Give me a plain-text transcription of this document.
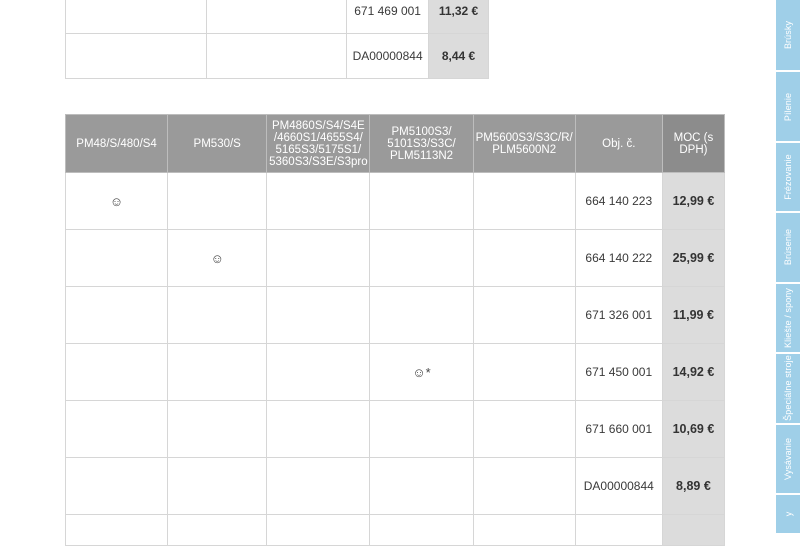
		671 469 001	11,32 €
		DA00000844	8,44 €
PM48/S/480/S4	PM530/S	PM4860S/S4/S4E /4660S1/4655S4/ 5165S3/5175S1/ 5360S3/S3E/S3pro	PM5100S3/ 5101S3/S3C/ PLM5113N2	PM5600S3/S3C/R/ PLM5600N2	Obj. č.	MOC (s DPH)
☺					664 140 223	12,99 €
	☺				664 140 222	25,99 €
					671 326 001	11,99 €
			☺*		671 450 001	14,92 €
					671 660 001	10,69 €
					DA00000844	8,89 €

Brúsky
Pílenie
Frézovanie
Brúsenie
Kliešte / spony
Špeciálne stroje
Vysávanie
y
